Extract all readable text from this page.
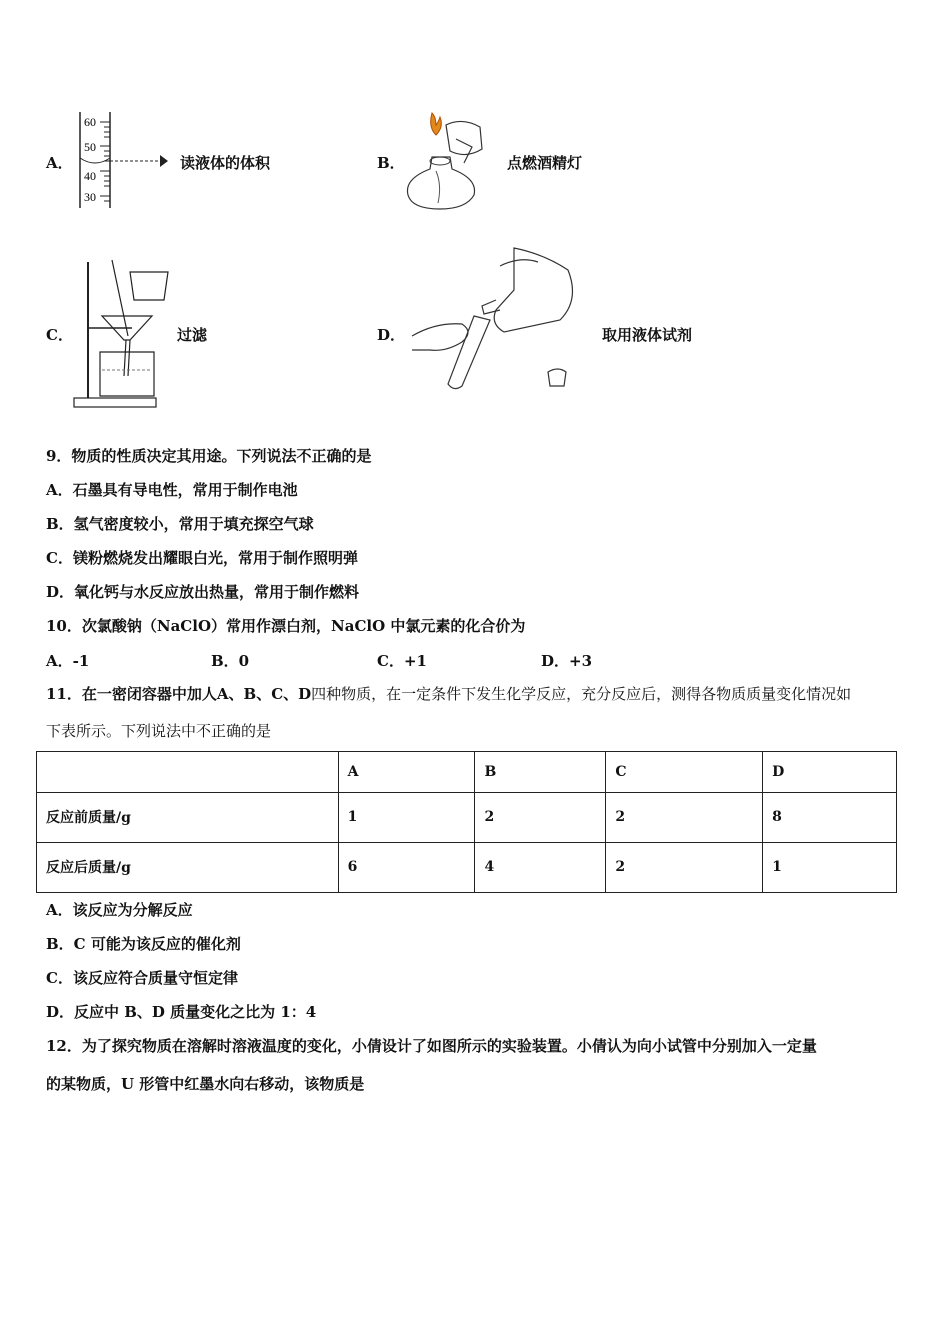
A．
60
50
40
30
读液体的体积	B．	点燃酒精灯
C．	过滤	D．	取用液体试剂
9．物质的性质决定其用途。下列说法不正确的是
A．石墨具有导电性，常用于制作电池
B．氢气密度较小，常用于填充探空气球
C．镁粉燃烧发出耀眼白光，常用于制作照明弹
D．氧化钙与水反应放出热量，常用于制作燃料
10．次氯酸钠（NaClO）常用作漂白剂，NaClO 中氯元素的化合价为
A．-1	B．0	C．+1	D．+3
11．在一密闭容器中加人A、B、C、D四种物质，在一定条件下发生化学反应，充分反应后，测得各物质质量变化情况如
下表所示。下列说法中不正确的是
	A	B	C	D
反应前质量/g	1	2	2	8
反应后质量/g	6	4	2	1
A．该反应为分解反应
B．C 可能为该反应的催化剂
C．该反应符合质量守恒定律
D．反应中 B、D 质量变化之比为 1：4
12．为了探究物质在溶解时溶液温度的变化，小倩设计了如图所示的实验装置。小倩认为向小试管中分别加入一定量
的某物质，U 形管中红墨水向右移动，该物质是
